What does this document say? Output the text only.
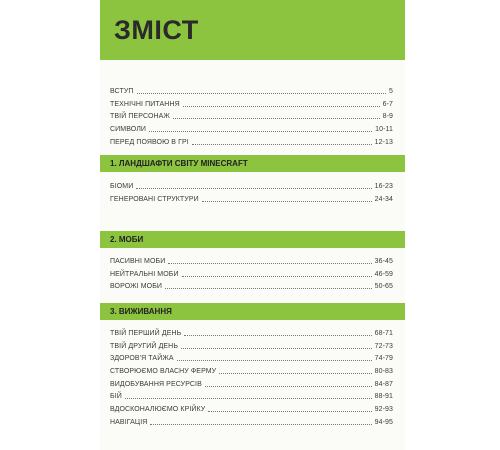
ЗМІСТ
ВСТУП	5
ТЕХНІЧНІ ПИТАННЯ	6-7
ТВІЙ ПЕРСОНАЖ	8-9
СИМВОЛИ	10-11
ПЕРЕД ПОЯВОЮ В ГРІ	12-13
1. ЛАНДШАФТИ СВІТУ MINECRAFT
БІОМИ	16-23
ГЕНЕРОВАНІ СТРУКТУРИ	24-34
2. МОБИ
ПАСИВНІ МОБИ	36-45
НЕЙТРАЛЬНІ МОБИ	46-59
ВОРОЖІ МОБИ	50-65
3. ВИЖИВАННЯ
ТВІЙ ПЕРШИЙ ДЕНЬ	68-71
ТВІЙ ДРУГИЙ ДЕНЬ	72-73
ЗДОРОВ'Я ТАЙЖА	74-79
СТВОРЮЄМО ВЛАСНУ ФЕРМУ	80-83
ВИДОБУВАННЯ РЕСУРСІВ	84-87
БІЙ	88-91
ВДОСКОНАЛЮЄМО КРІЙКУ	92-93
НАВІГАЦІЯ	94-95
